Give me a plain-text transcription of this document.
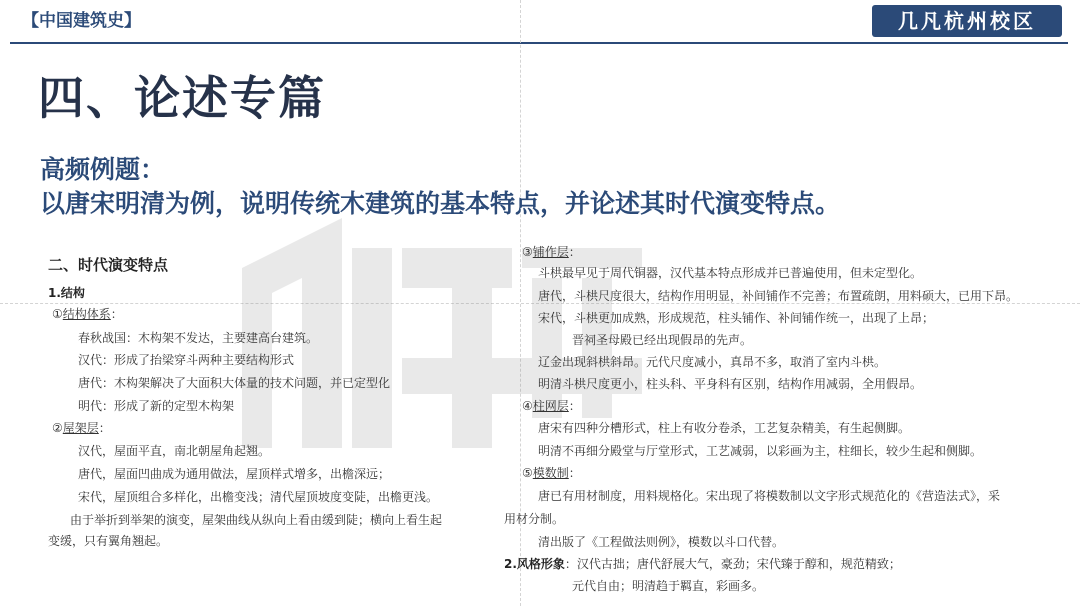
【中国建筑史】	几凡杭州校区
四、论述专篇
高频例题：
以唐宋明清为例，说明传统木建筑的基本特点，并论述其时代演变特点。
二、时代演变特点
1.结构
①结构体系：
春秋战国：木构架不发达，主要建高台建筑。
汉代：形成了抬梁穿斗两种主要结构形式
唐代：木构架解决了大面积大体量的技术问题，并已定型化
明代：形成了新的定型木构架
②屋架层：
汉代，屋面平直，南北朝屋角起翘。
唐代，屋面凹曲成为通用做法，屋顶样式增多，出檐深远；
宋代，屋顶组合多样化，出檐变浅；清代屋顶坡度变陡，出檐更浅。
由于举折到举架的演变，屋架曲线从纵向上看由缓到陡；横向上看生起
变缓，只有翼角翘起。
③铺作层：
斗栱最早见于周代铜器，汉代基本特点形成并已普遍使用，但未定型化。
唐代，斗栱尺度很大，结构作用明显，补间铺作不完善；布置疏朗，用料硕大，已用下昂。
宋代，斗栱更加成熟，形成规范，柱头铺作、补间铺作统一，出现了上昂；
晋祠圣母殿已经出现假昂的先声。
辽金出现斜栱斜昂。元代尺度减小，真昂不多，取消了室内斗栱。
明清斗栱尺度更小，柱头科、平身科有区别，结构作用减弱，全用假昂。
④柱网层：
唐宋有四种分槽形式，柱上有收分卷杀，工艺复杂精美，有生起侧脚。
明清不再细分殿堂与厅堂形式，工艺减弱，以彩画为主，柱细长，较少生起和侧脚。
⑤模数制：
唐已有用材制度，用料规格化。宋出现了将模数制以文字形式规范化的《营造法式》，采
用材分制。
清出版了《工程做法则例》，模数以斗口代替。
2.风格形象：汉代古拙；唐代舒展大气，豪劲；宋代臻于醇和，规范精致；
元代自由；明清趋于羁直，彩画多。
